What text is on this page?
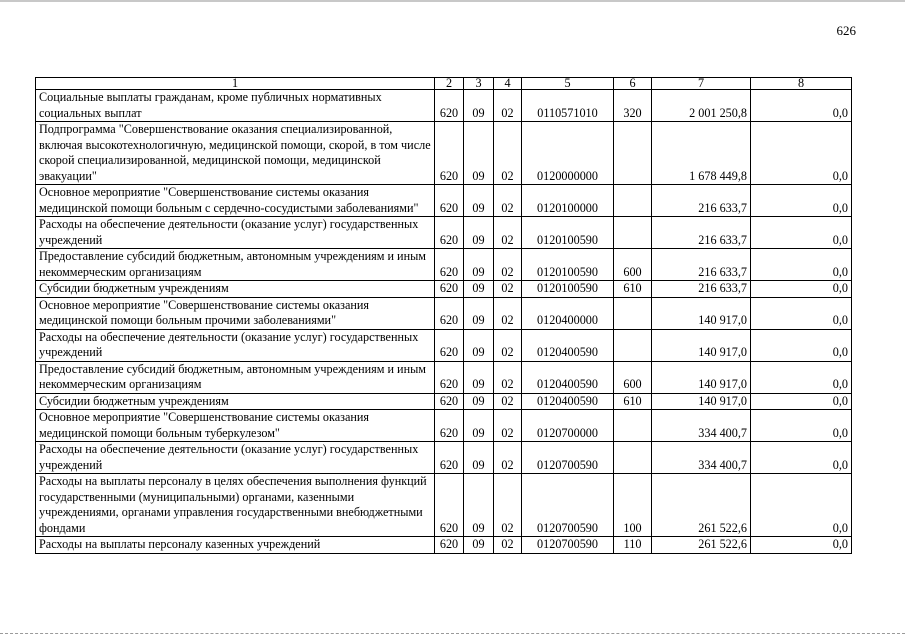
626
1	2	3	4	5	6	7	8
Социальные выплаты гражданам, кроме публичных нормативных социальных выплат	620	09	02	0110571010	320	2 001 250,8	0,0
Подпрограмма "Совершенствование оказания специализированной, включая высокотехнологичную, медицинской помощи, скорой, в том числе скорой специализированной, медицинской помощи, медицинской эвакуации"	620	09	02	0120000000		1 678 449,8	0,0
Основное мероприятие "Совершенствование системы оказания медицинской помощи больным с сердечно-сосудистыми заболеваниями"	620	09	02	0120100000		216 633,7	0,0
Расходы на обеспечение деятельности (оказание услуг) государственных учреждений	620	09	02	0120100590		216 633,7	0,0
Предоставление субсидий бюджетным, автономным учреждениям и иным некоммерческим организациям	620	09	02	0120100590	600	216 633,7	0,0
Субсидии бюджетным учреждениям	620	09	02	0120100590	610	216 633,7	0,0
Основное мероприятие "Совершенствование системы оказания медицинской помощи больным прочими заболеваниями"	620	09	02	0120400000		140 917,0	0,0
Расходы на обеспечение деятельности (оказание услуг) государственных учреждений	620	09	02	0120400590		140 917,0	0,0
Предоставление субсидий бюджетным, автономным учреждениям и иным некоммерческим организациям	620	09	02	0120400590	600	140 917,0	0,0
Субсидии бюджетным учреждениям	620	09	02	0120400590	610	140 917,0	0,0
Основное мероприятие "Совершенствование системы оказания медицинской помощи больным туберкулезом"	620	09	02	0120700000		334 400,7	0,0
Расходы на обеспечение деятельности (оказание услуг) государственных учреждений	620	09	02	0120700590		334 400,7	0,0
Расходы на выплаты персоналу в целях обеспечения выполнения функций государственными (муниципальными) органами, казенными учреждениями, органами управления государственными внебюджетными фондами	620	09	02	0120700590	100	261 522,6	0,0
Расходы на выплаты персоналу казенных учреждений	620	09	02	0120700590	110	261 522,6	0,0
